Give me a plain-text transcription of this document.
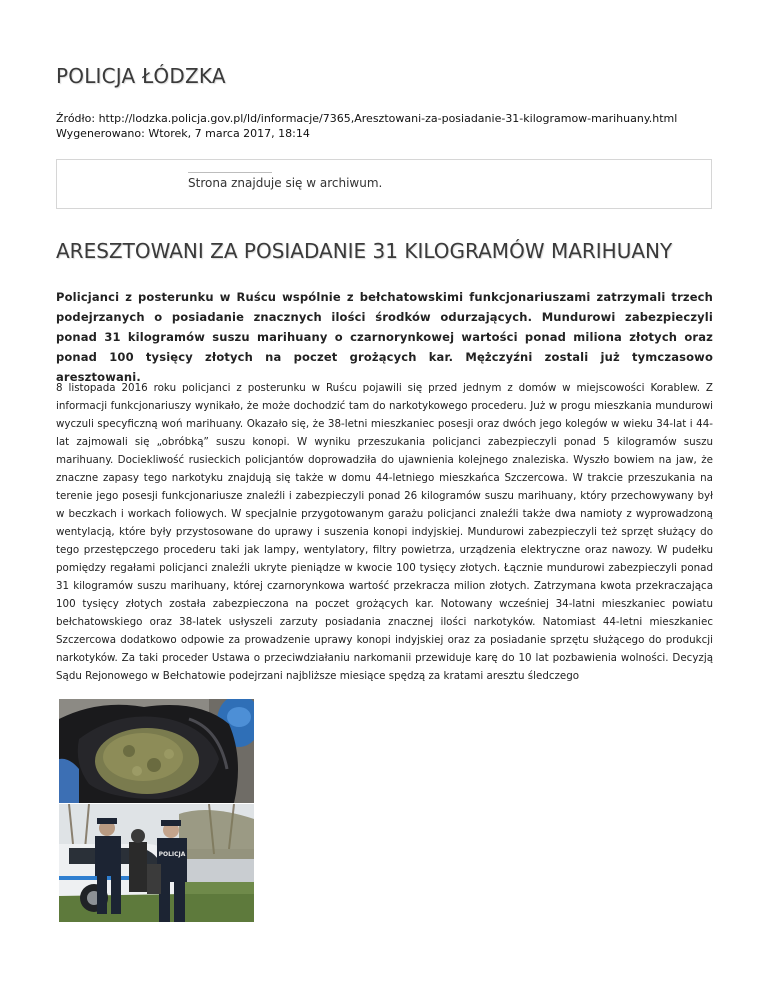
POLICJA ŁÓDZKA
Źródło: http://lodzka.policja.gov.pl/ld/informacje/7365,Aresztowani-za-posiadanie-31-kilogramow-marihuany.html
Wygenerowano: Wtorek, 7 marca 2017, 18:14
Strona znajduje się w archiwum.
ARESZTOWANI ZA POSIADANIE 31 KILOGRAMÓW MARIHUANY

Policjanci z posterunku w Ruścu wspólnie z bełchatowskimi funkcjonariuszami zatrzymali trzech podejrzanych o posiadanie znacznych ilości środków odurzających. Mundurowi zabezpieczyli ponad 31 kilogramów suszu marihuany o czarnorynkowej wartości ponad miliona złotych oraz ponad 100 tysięcy złotych na poczet grożących kar. Mężczyźni zostali już tymczasowo aresztowani.

8 listopada 2016 roku policjanci z posterunku w Ruścu pojawili się przed jednym z domów w miejscowości Korablew. Z informacji funkcjonariuszy wynikało, że może dochodzić tam do narkotykowego procederu. Już w progu mieszkania mundurowi wyczuli specyficzną woń marihuany. Okazało się, że 38-letni mieszkaniec posesji oraz dwóch jego kolegów w wieku 34-lat i 44-lat zajmowali się „obróbką” suszu konopi. W wyniku przeszukania policjanci zabezpieczyli ponad 5 kilogramów suszu marihuany. Dociekliwość rusieckich policjantów doprowadziła do ujawnienia kolejnego znaleziska. Wyszło bowiem na jaw, że znaczne zapasy tego narkotyku znajdują się także w domu 44-letniego mieszkańca Szczercowa. W trakcie przeszukania na terenie jego posesji funkcjonariusze znaleźli i zabezpieczyli ponad 26 kilogramów suszu marihuany, który przechowywany był w beczkach i workach foliowych. W specjalnie przygotowanym garażu policjanci znaleźli także dwa namioty z wyprowadzoną wentylacją, które były przystosowane do uprawy i suszenia konopi indyjskiej. Mundurowi zabezpieczyli też sprzęt służący do tego przestępczego procederu taki jak lampy, wentylatory, filtry powietrza, urządzenia elektryczne oraz nawozy. W pudełku pomiędzy regałami policjanci znaleźli ukryte pieniądze w kwocie 100 tysięcy złotych. Łącznie mundurowi zabezpieczyli ponad 31 kilogramów suszu marihuany, której czarnorynkowa wartość przekracza milion złotych. Zatrzymana kwota przekraczająca 100 tysięcy złotych została zabezpieczona na poczet grożących kar. Notowany wcześniej 34-latni mieszkaniec powiatu bełchatowskiego oraz 38-latek usłyszeli zarzuty posiadania znacznej ilości narkotyków. Natomiast 44-letni mieszkaniec Szczercowa dodatkowo odpowie za prowadzenie uprawy konopi indyjskiej oraz za posiadanie sprzętu służącego do produkcji narkotyków. Za taki proceder Ustawa o przeciwdziałaniu narkomanii przewiduje karę do 10 lat pozbawienia wolności. Decyzją Sądu Rejonowego w Bełchatowie podejrzani najbliższe miesiące spędzą za kratami aresztu śledczego

POLICJA
